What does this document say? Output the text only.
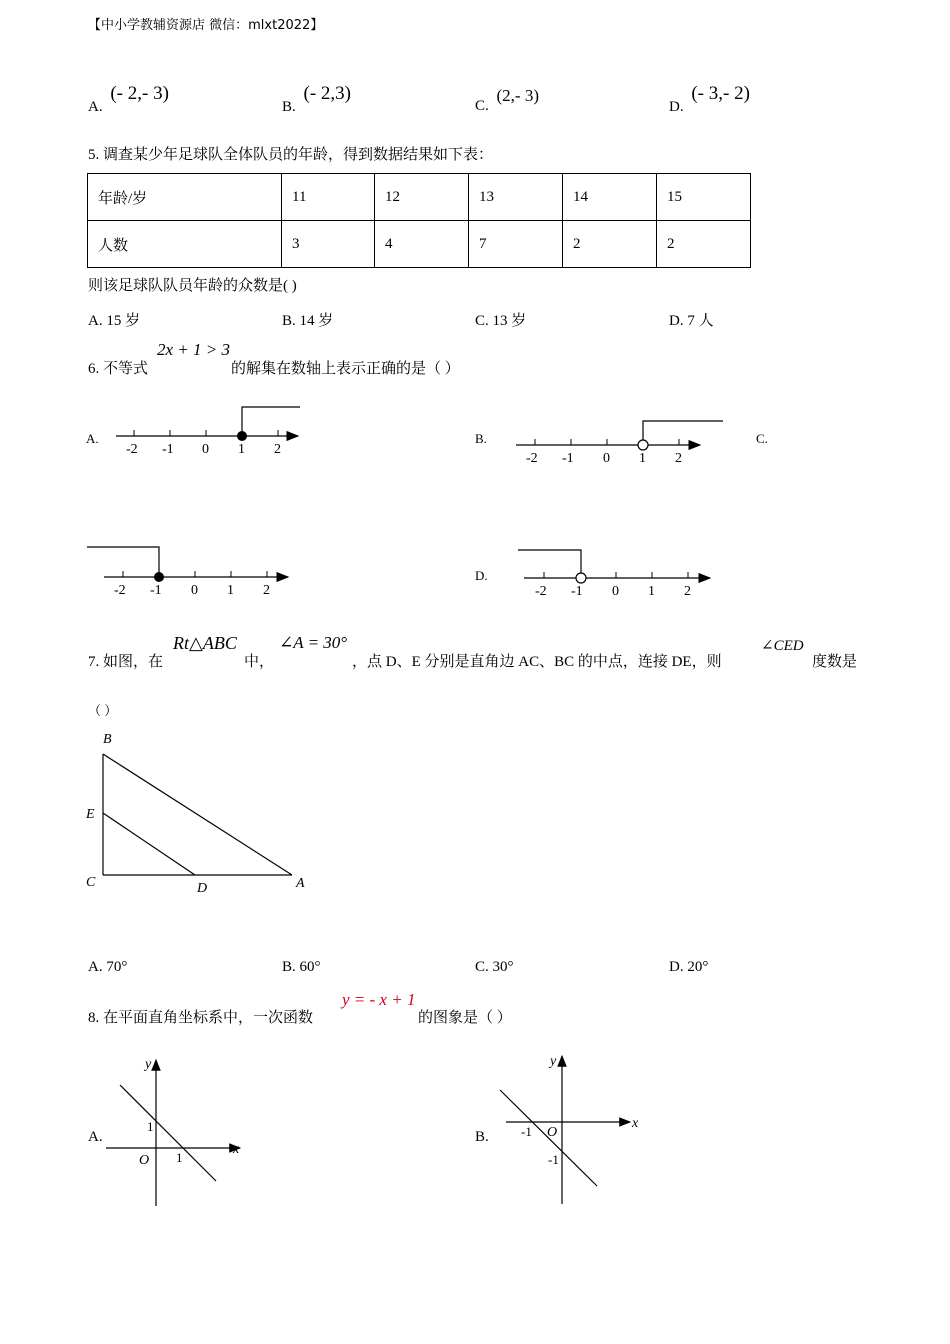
【中小学教辅资源店 微信：mlxt2022】
A. (- 2,- 3)
B. (- 2,3)
C. (2,- 3)
D. (- 3,- 2)
5. 调查某少年足球队全体队员的年龄，得到数据结果如下表：
年龄/岁	11	12	13	14	15
人数	3	4	7	2	2
则该足球队队员年龄的众数是( )
A. 15 岁	B. 14 岁	C. 13 岁	D. 7 人
6. 不等式
2x + 1 > 3
的解集在数轴上表示正确的是（ ）
A.
-2 -1 0 1 2
B.
-2 -1 0 1 2
C.
-2 -1 0 1 2
D.
-2 -1 0 1 2
7. 如图，在
Rt△ABC
中，
∠A = 30°
，点 D、E 分别是直角边 AC、BC 的中点，连接 DE，则
∠CED
度数是
（ ）
B
E
C	D	A
A. 70°	B. 60°	C. 30°	D. 20°
8. 在平面直角坐标系中，一次函数
y = - x + 1
的图象是（ ）
A.
y
x
1
1
O
B.
y
x
-1
-1
O
